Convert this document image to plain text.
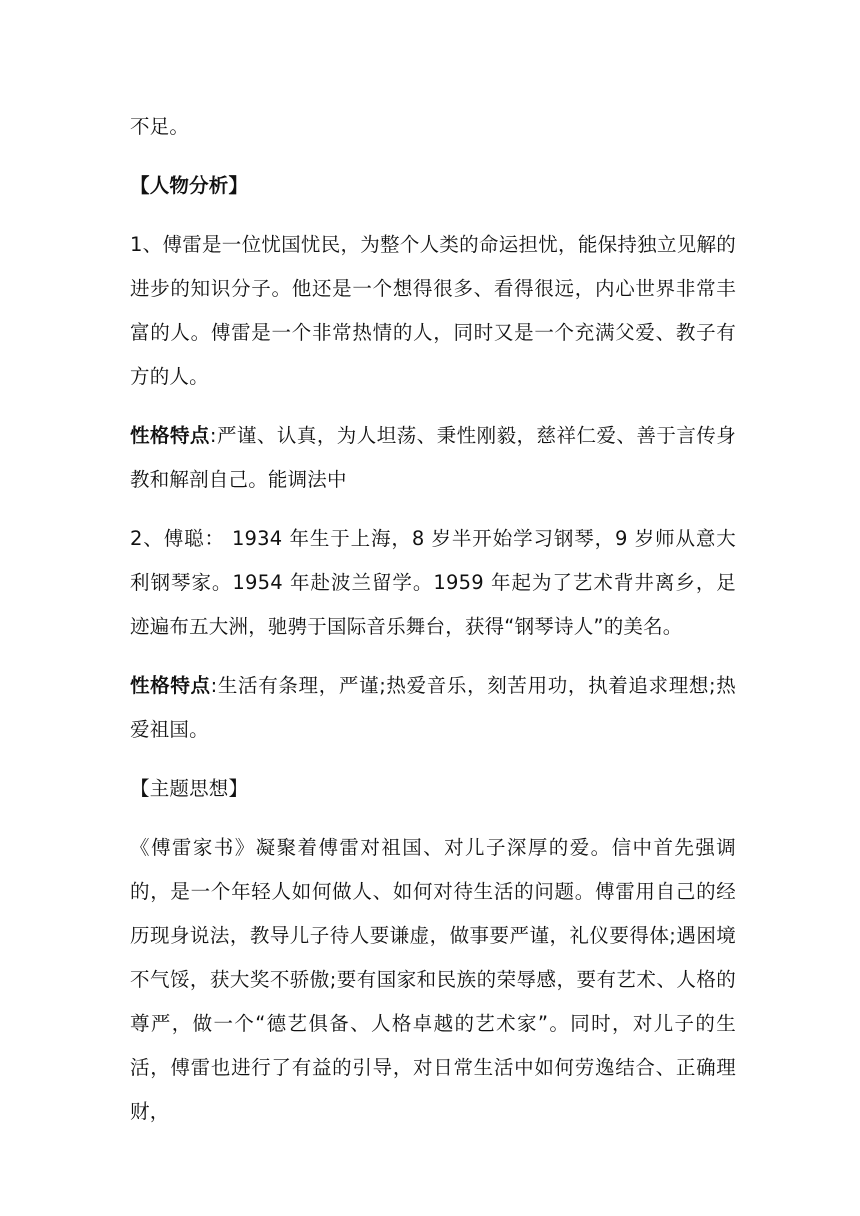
不足。

【人物分析】

1、傅雷是一位忧国忧民，为整个人类的命运担忧，能保持独立见解的进步的知识分子。他还是一个想得很多、看得很远，内心世界非常丰富的人。傅雷是一个非常热情的人，同时又是一个充满父爱、教子有方的人。

性格特点:严谨、认真，为人坦荡、秉性刚毅，慈祥仁爱、善于言传身教和解剖自己。能调法中

2、傅聪： 1934 年生于上海，8 岁半开始学习钢琴，9 岁师从意大利钢琴家。1954 年赴波兰留学。1959 年起为了艺术背井离乡，足迹遍布五大洲，驰骋于国际音乐舞台，获得“钢琴诗人”的美名。

性格特点:生活有条理，严谨;热爱音乐，刻苦用功，执着追求理想;热爱祖国。

【主题思想】

《傅雷家书》凝聚着傅雷对祖国、对儿子深厚的爱。信中首先强调的，是一个年轻人如何做人、如何对待生活的问题。傅雷用自己的经历现身说法，教导儿子待人要谦虚，做事要严谨，礼仪要得体;遇困境不气馁，获大奖不骄傲;要有国家和民族的荣辱感，要有艺术、人格的尊严，做一个“德艺俱备、人格卓越的艺术家”。同时，对儿子的生活，傅雷也进行了有益的引导，对日常生活中如何劳逸结合、正确理财，
